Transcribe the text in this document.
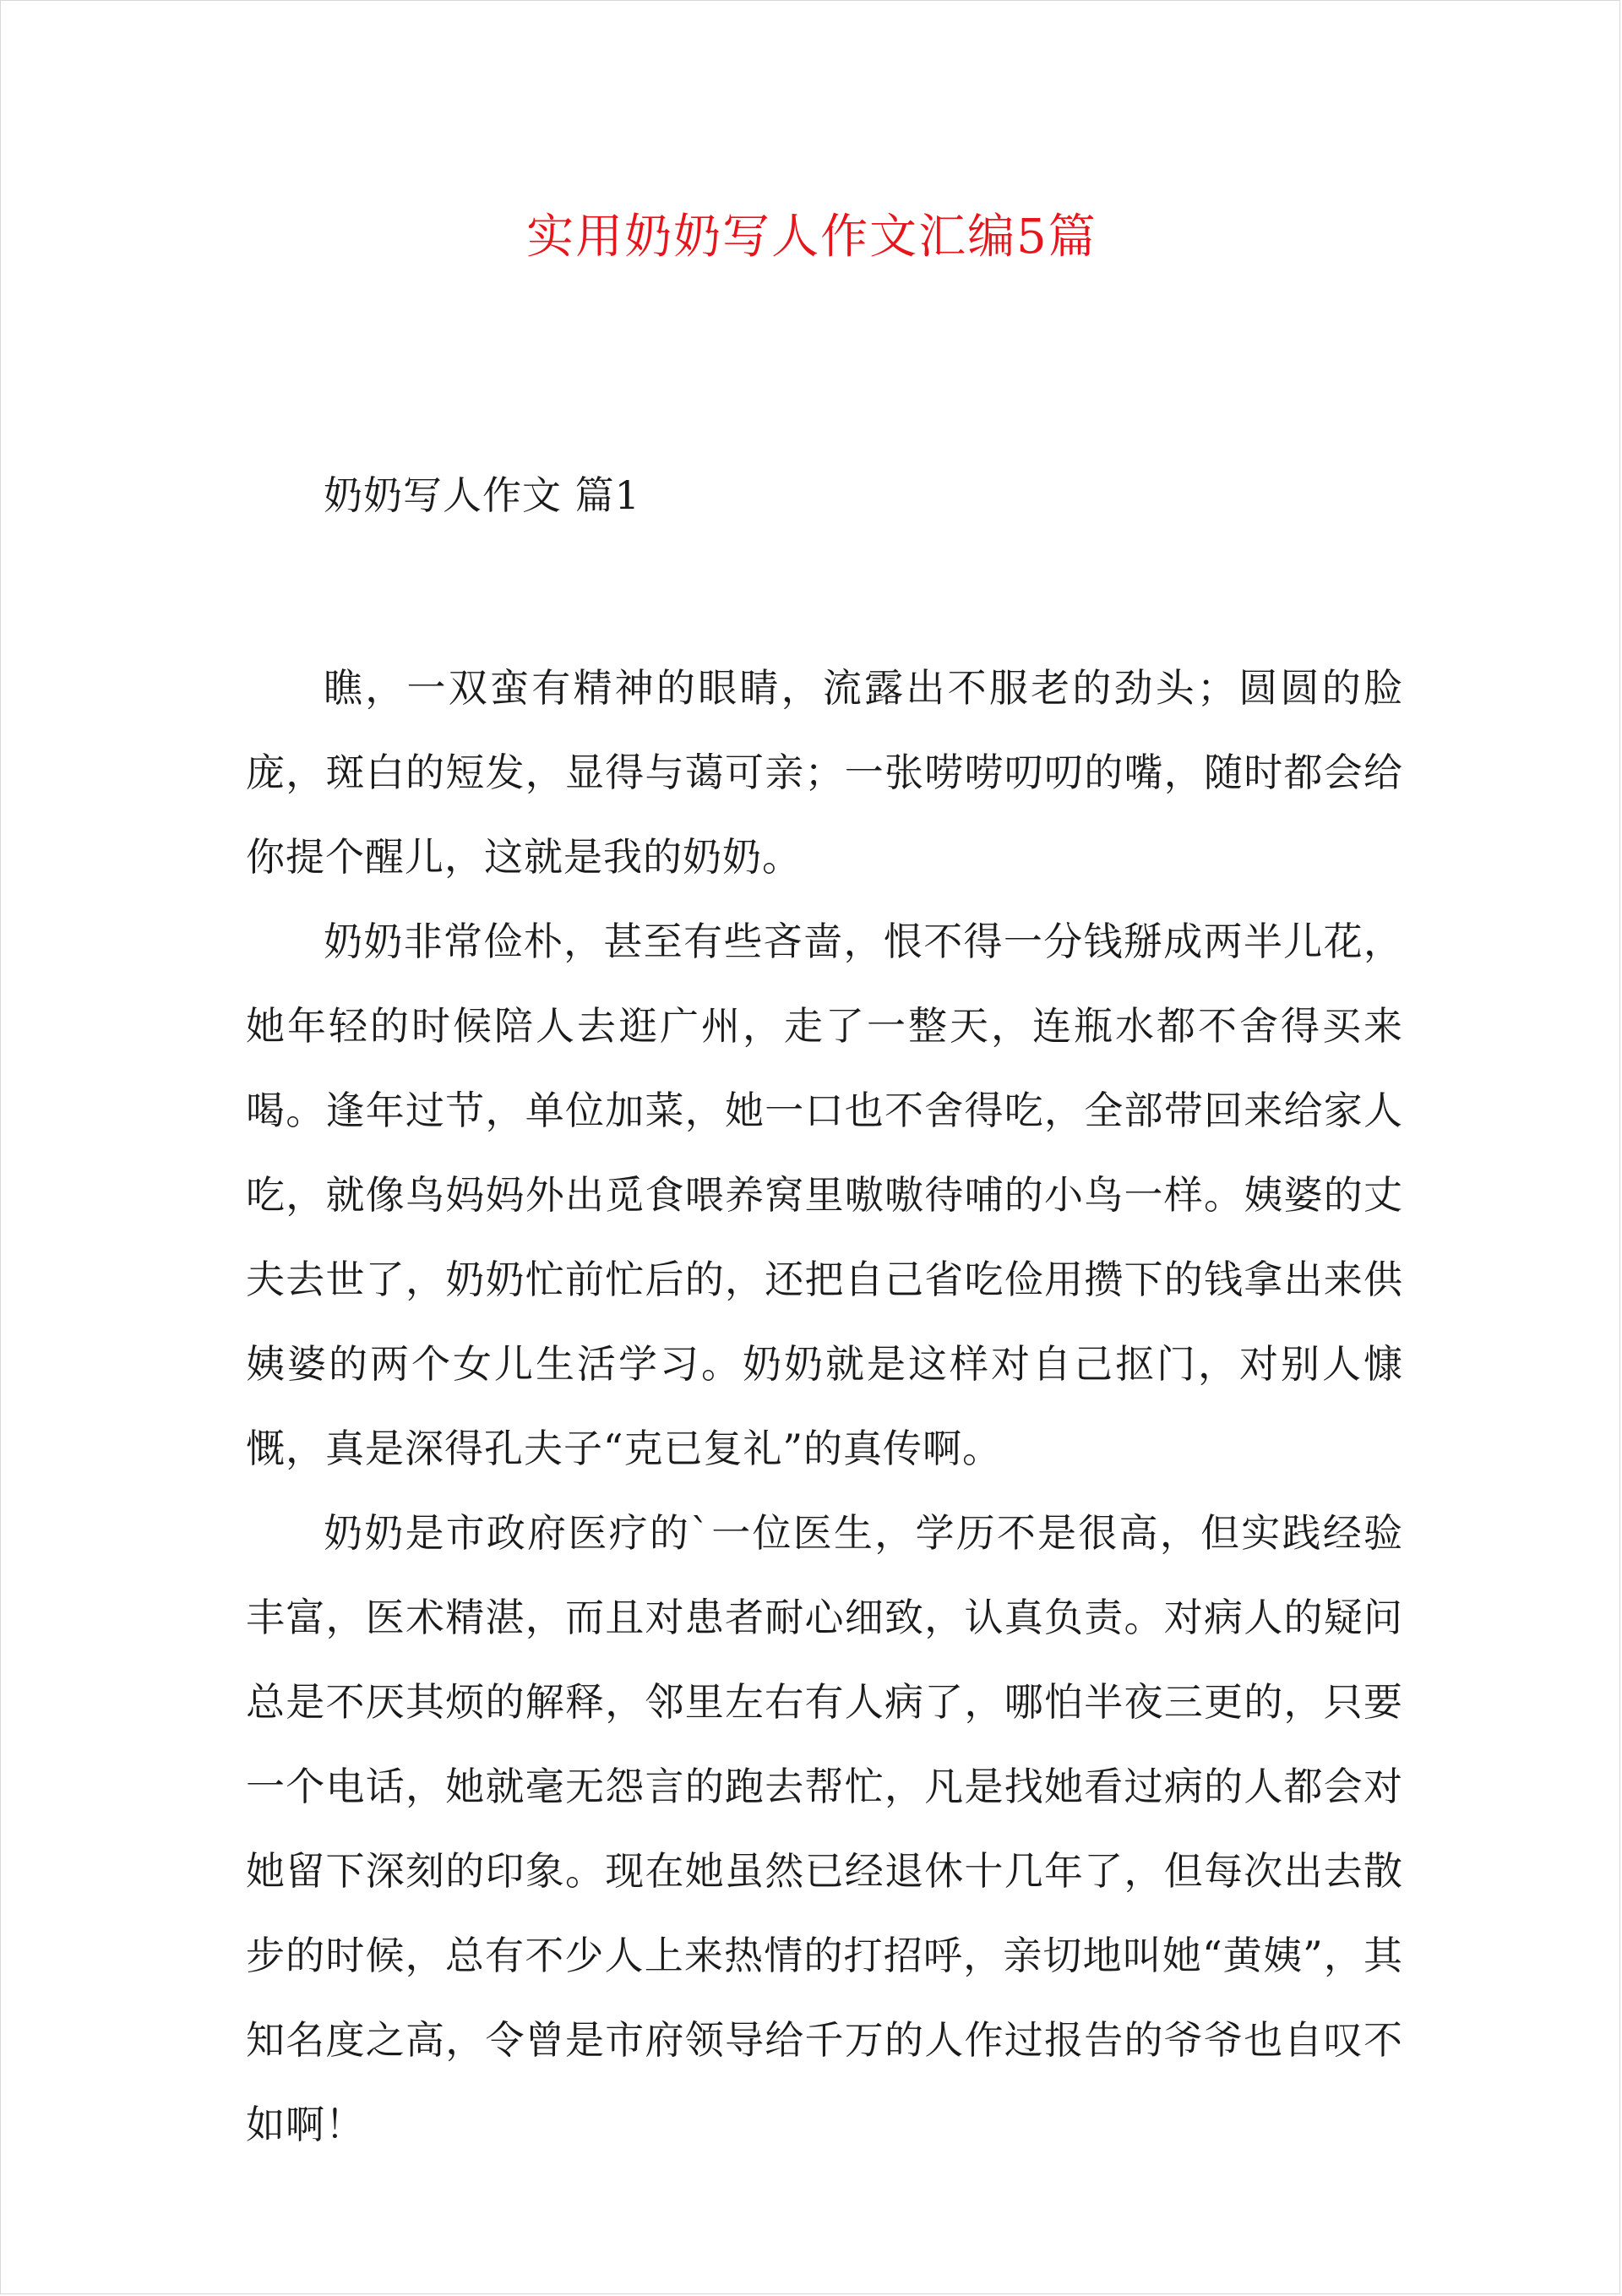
实用奶奶写人作文汇编5篇
奶奶写人作文 篇1

瞧，一双蛮有精神的眼睛，流露出不服老的劲头；圆圆的脸庞，斑白的短发，显得与蔼可亲；一张唠唠叨叨的嘴，随时都会给你提个醒儿，这就是我的奶奶。

奶奶非常俭朴，甚至有些吝啬，恨不得一分钱掰成两半儿花，她年轻的时候陪人去逛广州，走了一整天，连瓶水都不舍得买来喝。逢年过节，单位加菜，她一口也不舍得吃，全部带回来给家人吃，就像鸟妈妈外出觅食喂养窝里嗷嗷待哺的小鸟一样。姨婆的丈夫去世了，奶奶忙前忙后的，还把自己省吃俭用攒下的钱拿出来供姨婆的两个女儿生活学习。奶奶就是这样对自己抠门，对别人慷慨，真是深得孔夫子“克已复礼”的真传啊。

奶奶是市政府医疗的`一位医生，学历不是很高，但实践经验丰富，医术精湛，而且对患者耐心细致，认真负责。对病人的疑问总是不厌其烦的解释，邻里左右有人病了，哪怕半夜三更的，只要一个电话，她就毫无怨言的跑去帮忙，凡是找她看过病的人都会对她留下深刻的印象。现在她虽然已经退休十几年了，但每次出去散步的时候，总有不少人上来热情的打招呼，亲切地叫她“黄姨”，其知名度之高，令曾是市府领导给千万的人作过报告的爷爷也自叹不如啊！
